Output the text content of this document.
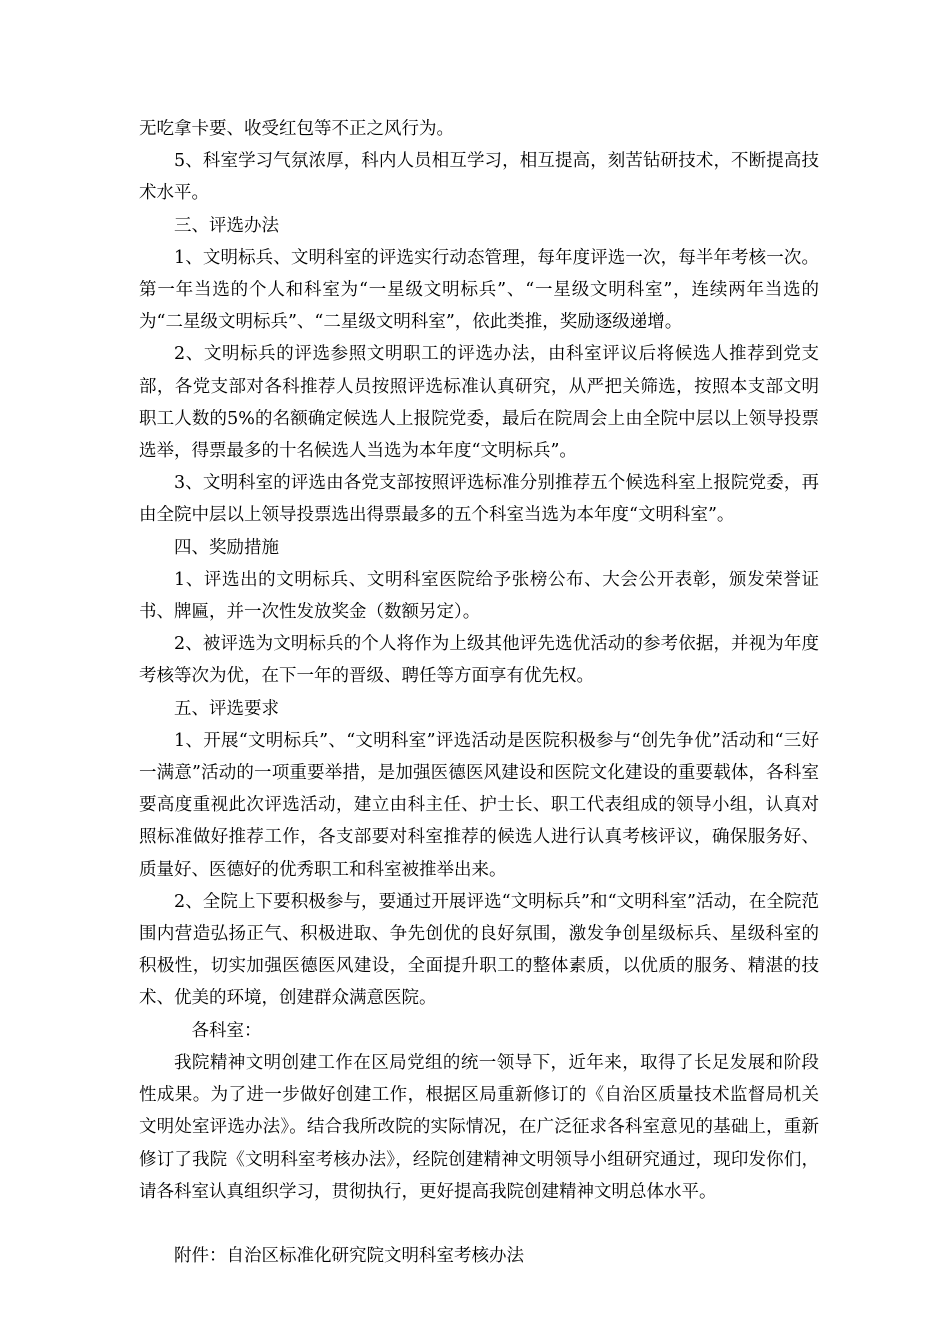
无吃拿卡要、收受红包等不正之风行为。

5、科室学习气氛浓厚，科内人员相互学习，相互提高，刻苦钻研技术，不断提高技术水平。

三、评选办法

1、文明标兵、文明科室的评选实行动态管理，每年度评选一次，每半年考核一次。第一年当选的个人和科室为“一星级文明标兵”、“一星级文明科室”，连续两年当选的为“二星级文明标兵”、“二星级文明科室”，依此类推，奖励逐级递增。

2、文明标兵的评选参照文明职工的评选办法，由科室评议后将候选人推荐到党支部，各党支部对各科推荐人员按照评选标准认真研究，从严把关筛选，按照本支部文明职工人数的5%的名额确定候选人上报院党委，最后在院周会上由全院中层以上领导投票选举，得票最多的十名候选人当选为本年度“文明标兵”。

3、文明科室的评选由各党支部按照评选标准分别推荐五个候选科室上报院党委，再由全院中层以上领导投票选出得票最多的五个科室当选为本年度“文明科室”。

四、奖励措施

1、评选出的文明标兵、文明科室医院给予张榜公布、大会公开表彰，颁发荣誉证书、牌匾，并一次性发放奖金（数额另定）。

2、被评选为文明标兵的个人将作为上级其他评先选优活动的参考依据，并视为年度考核等次为优，在下一年的晋级、聘任等方面享有优先权。

五、评选要求

1、开展“文明标兵”、“文明科室”评选活动是医院积极参与“创先争优”活动和“三好一满意”活动的一项重要举措，是加强医德医风建设和医院文化建设的重要载体，各科室要高度重视此次评选活动，建立由科主任、护士长、职工代表组成的领导小组，认真对照标准做好推荐工作，各支部要对科室推荐的候选人进行认真考核评议，确保服务好、质量好、医德好的优秀职工和科室被推举出来。

2、全院上下要积极参与，要通过开展评选“文明标兵”和“文明科室”活动，在全院范围内营造弘扬正气、积极进取、争先创优的良好氛围，激发争创星级标兵、星级科室的积极性，切实加强医德医风建设，全面提升职工的整体素质，以优质的服务、精湛的技术、优美的环境，创建群众满意医院。

各科室：

我院精神文明创建工作在区局党组的统一领导下，近年来，取得了长足发展和阶段性成果。为了进一步做好创建工作，根据区局重新修订的《自治区质量技术监督局机关文明处室评选办法》。结合我所改院的实际情况，在广泛征求各科室意见的基础上，重新修订了我院《文明科室考核办法》，经院创建精神文明领导小组研究通过，现印发你们，请各科室认真组织学习，贯彻执行，更好提高我院创建精神文明总体水平。

附件：自治区标准化研究院文明科室考核办法
